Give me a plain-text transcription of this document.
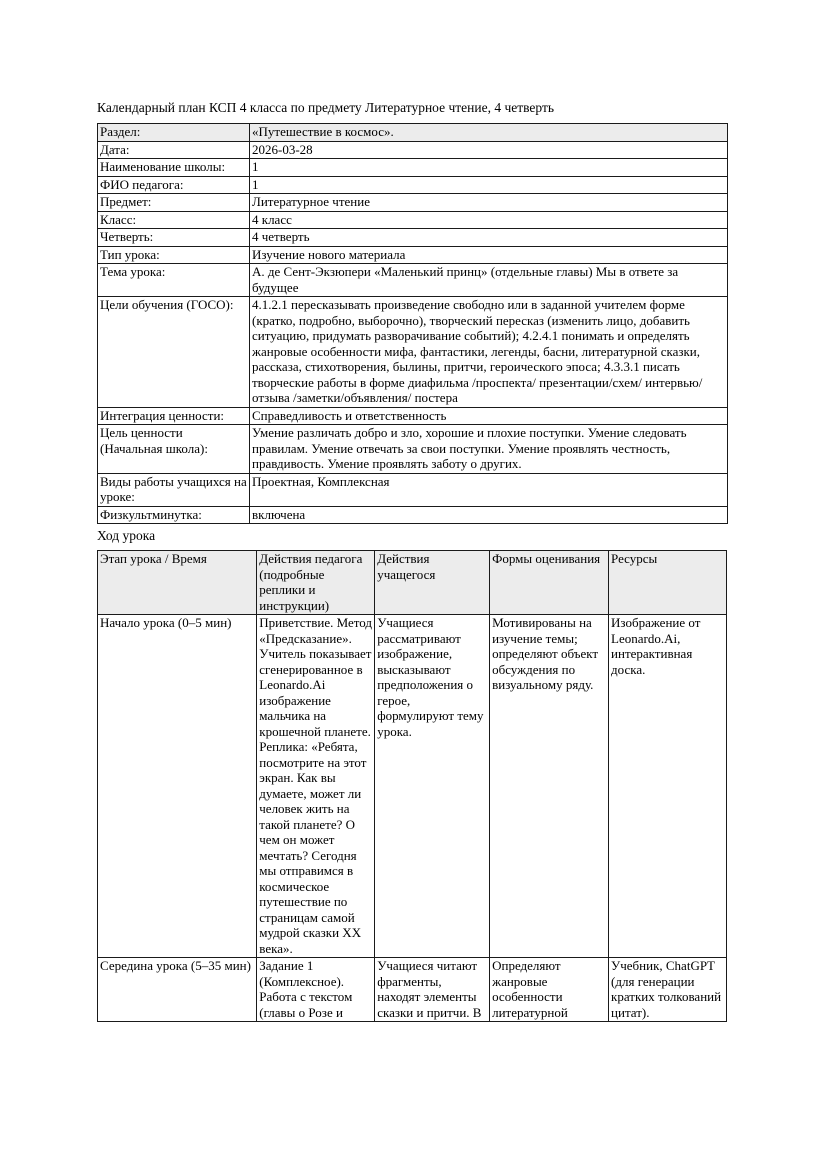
Календарный план КСП 4 класса по предмету Литературное чтение, 4 четверть

Раздел:	«Путешествие в космос».
Дата:	2026-03-28
Наименование школы:	1
ФИО педагога:	1
Предмет:	Литературное чтение
Класс:	4 класс
Четверть:	4 четверть
Тип урока:	Изучение нового материала
Тема урока:	А. де Сент-Экзюпери «Маленький принц» (отдельные главы) Мы в ответе за будущее
Цели обучения (ГОСО):	4.1.2.1 пересказывать произведение свободно или в заданной учителем форме (кратко, подробно, выборочно), творческий пересказ (изменить лицо, добавить ситуацию, придумать разворачивание событий); 4.2.4.1 понимать и определять жанровые особенности мифа, фантастики, легенды, басни, литературной сказки, рассказа, стихотворения, былины, притчи, героического эпоса; 4.3.3.1 писать творческие работы в форме диафильма /проспекта/ презентации/схем/ интервью/отзыва /заметки/объявления/ постера
Интеграция ценности:	Справедливость и ответственность
Цель ценности (Начальная школа):	Умение различать добро и зло, хорошие и плохие поступки. Умение следовать правилам. Умение отвечать за свои поступки. Умение проявлять честность, правдивость. Умение проявлять заботу о других.
Виды работы учащихся на уроке:	Проектная, Комплексная
Физкультминутка:	включена

Ход урока

Этап урока / Время	Действия педагога (подробные реплики и инструкции)	Действия учащегося	Формы оценивания	Ресурсы
Начало урока (0–5 мин)	Приветствие. Метод «Предсказание». Учитель показывает сгенерированное в Leonardo.Ai изображение мальчика на крошечной планете. Реплика: «Ребята, посмотрите на этот экран. Как вы думаете, может ли человек жить на такой планете? О чем он может мечтать? Сегодня мы отправимся в космическое путешествие по страницам самой мудрой сказки XX века».	Учащиеся рассматривают изображение, высказывают предположения о герое, формулируют тему урока.	Мотивированы на изучение темы; определяют объект обсуждения по визуальному ряду.	Изображение от Leonardo.Ai, интерактивная доска.
Середина урока (5–35 мин)	Задание 1 (Комплексное). Работа с текстом (главы о Розе и	Учащиеся читают фрагменты, находят элементы сказки и притчи. В	Определяют жанровые особенности литературной	Учебник, ChatGPT (для генерации кратких толкований цитат).
